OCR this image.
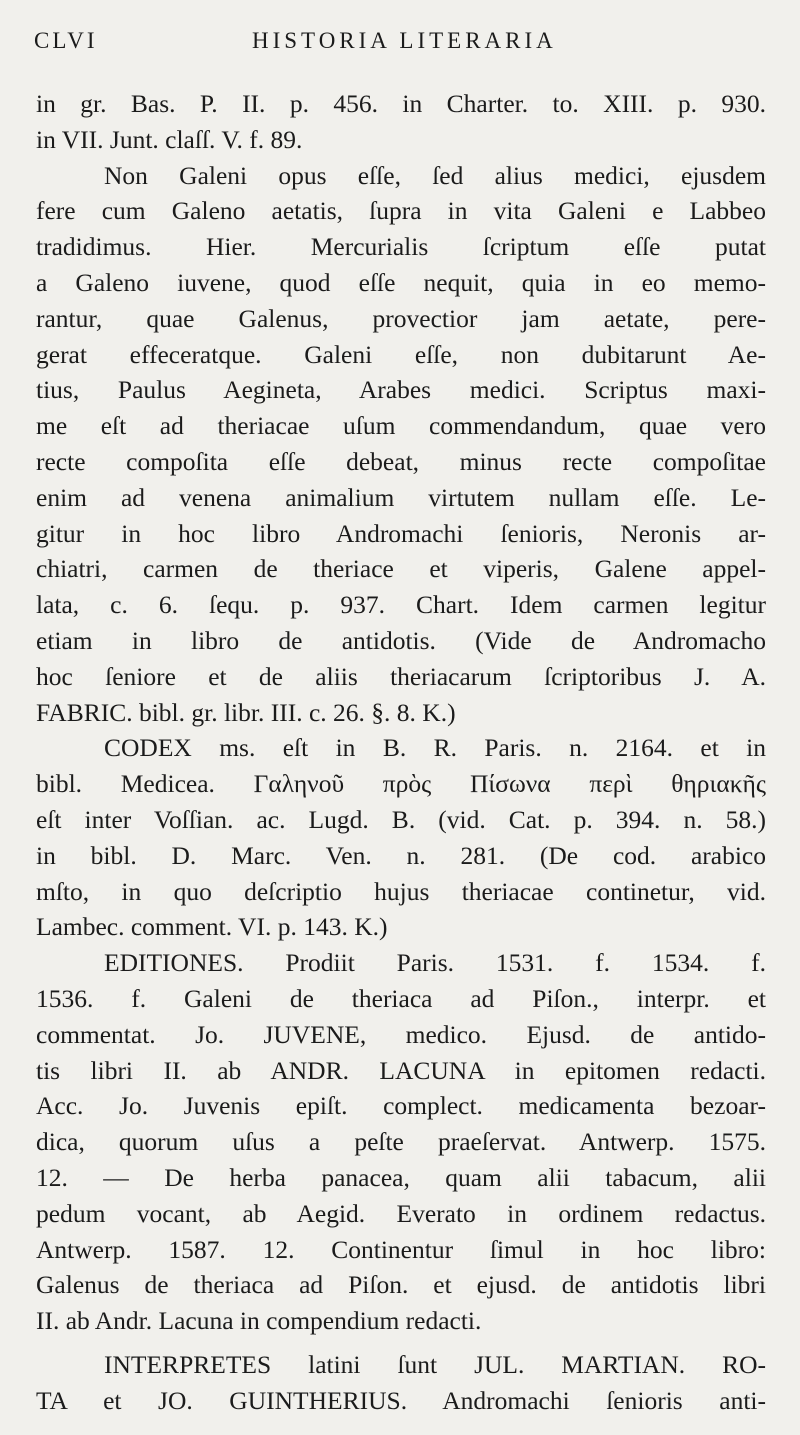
CLVI	HISTORIA LITERARIA
in gr. Bas. P. II. p. 456. in Charter. to. XIII. p. 930.
in VII. Junt. claſſ. V. f. 89.
Non Galeni opus eſſe, ſed alius medici, ejusdem
fere cum Galeno aetatis, ſupra in vita Galeni e Labbeo
tradidimus. Hier. Mercurialis ſcriptum eſſe putat
a Galeno iuvene, quod eſſe nequit, quia in eo memo-
rantur, quae Galenus, provectior jam aetate, pere-
gerat effeceratque. Galeni eſſe, non dubitarunt Ae-
tius, Paulus Aegineta, Arabes medici. Scriptus maxi-
me eſt ad theriacae uſum commendandum, quae vero
recte compoſita eſſe debeat, minus recte compoſitae
enim ad venena animalium virtutem nullam eſſe. Le-
gitur in hoc libro Andromachi ſenioris, Neronis ar-
chiatri, carmen de theriace et viperis, Galene appel-
lata, c. 6. ſequ. p. 937. Chart. Idem carmen legitur
etiam in libro de antidotis. (Vide de Andromacho
hoc ſeniore et de aliis theriacarum ſcriptoribus J. A.
FABRIC. bibl. gr. libr. III. c. 26. §. 8. K.)
CODEX ms. eſt in B. R. Paris. n. 2164. et in
bibl. Medicea. Γαληνοῦ πρὸς Πίσωνα περὶ θηριακῆς
eſt inter Voſſian. ac. Lugd. B. (vid. Cat. p. 394. n. 58.)
in bibl. D. Marc. Ven. n. 281. (De cod. arabico
mſto, in quo deſcriptio hujus theriacae continetur, vid.
Lambec. comment. VI. p. 143. K.)
EDITIONES. Prodiit Paris. 1531. f. 1534. f.
1536. f. Galeni de theriaca ad Piſon., interpr. et
commentat. Jo. JUVENE, medico. Ejusd. de antido-
tis libri II. ab ANDR. LACUNA in epitomen redacti.
Acc. Jo. Juvenis epiſt. complect. medicamenta bezoar-
dica, quorum uſus a peſte praeſervat. Antwerp. 1575.
12. — De herba panacea, quam alii tabacum, alii
pedum vocant, ab Aegid. Everato in ordinem redactus.
Antwerp. 1587. 12. Continentur ſimul in hoc libro:
Galenus de theriaca ad Piſon. et ejusd. de antidotis libri
II. ab Andr. Lacuna in compendium redacti.
INTERPRETES latini ſunt JUL. MARTIAN. RO-
TA et JO. GUINTHERIUS. Andromachi ſenioris anti-
